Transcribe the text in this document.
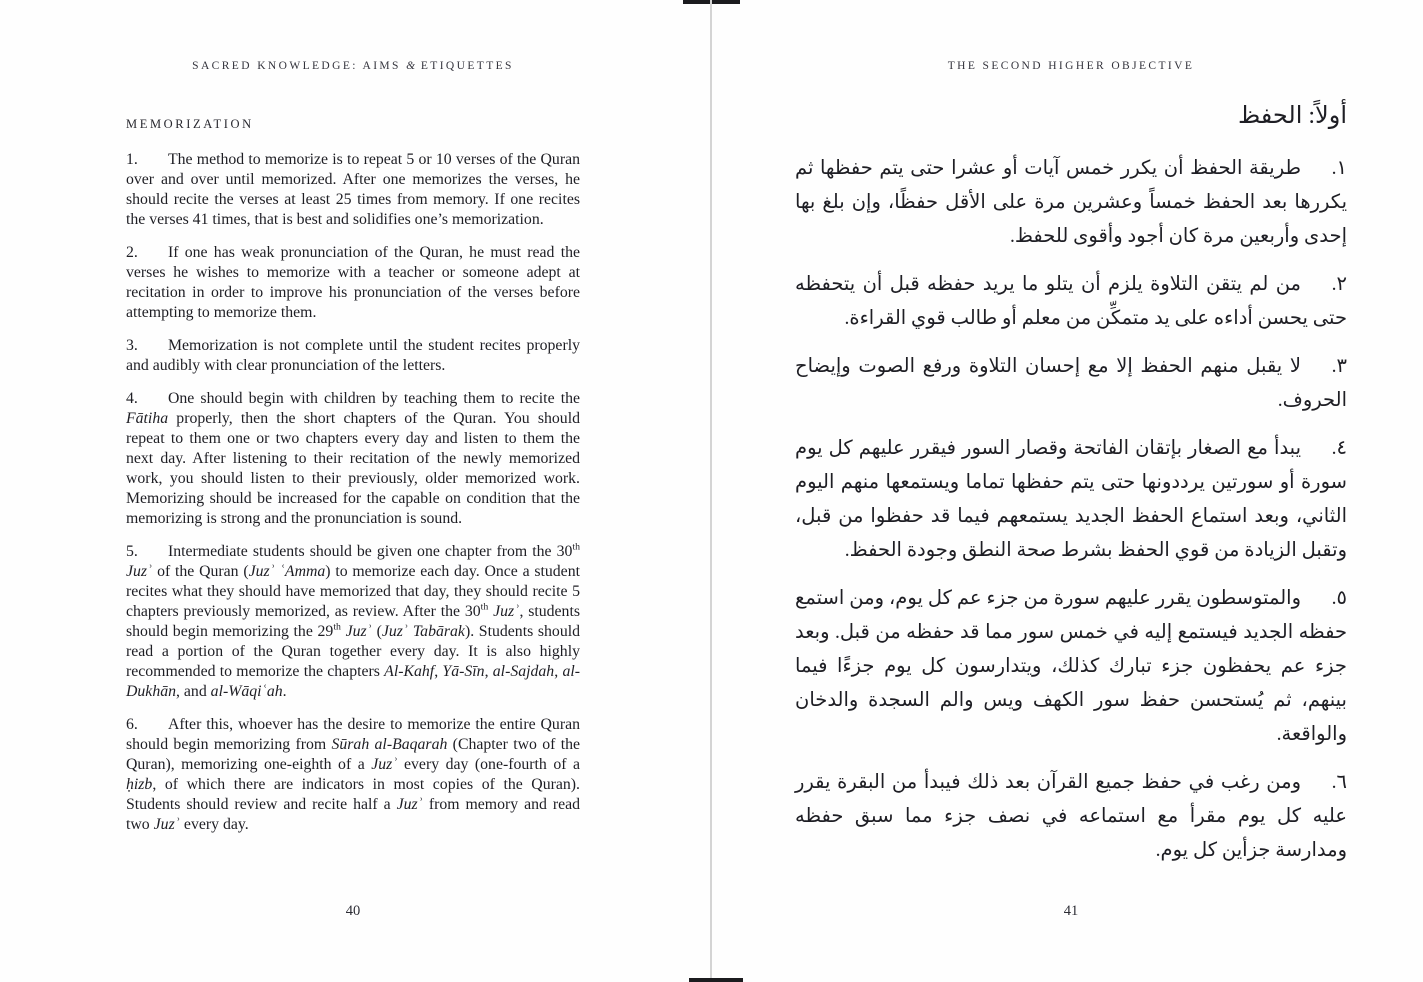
SACRED KNOWLEDGE: AIMS & ETIQUETTES
MEMORIZATION

1. The method to memorize is to repeat 5 or 10 verses of the Quran over and over until memorized. After one memorizes the verses, he should recite the verses at least 25 times from memory. If one recites the verses 41 times, that is best and solidifies one’s memorization.

2. If one has weak pronunciation of the Quran, he must read the verses he wishes to memorize with a teacher or someone adept at recitation in order to improve his pronunciation of the verses before attempting to memorize them.

3. Memorization is not complete until the student recites properly and audibly with clear pronunciation of the letters.

4. One should begin with children by teaching them to recite the Fātiha properly, then the short chapters of the Quran. You should repeat to them one or two chapters every day and listen to them the next day. After listening to their recitation of the newly memorized work, you should listen to their previously, older memorized work. Memorizing should be increased for the capable on condition that the memorizing is strong and the pronunciation is sound.

5. Intermediate students should be given one chapter from the 30th Juzʾ of the Quran (Juzʾ ʿAmma) to memorize each day. Once a student recites what they should have memorized that day, they should recite 5 chapters previously memorized, as review. After the 30th Juzʾ, students should begin memorizing the 29th Juzʾ (Juzʾ Tabārak). Students should read a portion of the Quran together every day. It is also highly recommended to memorize the chapters Al-Kahf, Yā-Sīn, al-Sajdah, al-Dukhān, and al-Wāqiʿah.

6. After this, whoever has the desire to memorize the entire Quran should begin memorizing from Sūrah al-Baqarah (Chapter two of the Quran), memorizing one-eighth of a Juzʾ every day (one-fourth of a ḥizb, of which there are indicators in most copies of the Quran). Students should review and recite half a Juzʾ from memory and read two Juzʾ every day.

40
THE SECOND HIGHER OBJECTIVE
أولاً: الحفظ

١.طريقة الحفظ أن يكرر خمس آيات أو عشرا حتى يتم حفظها ثم يكررها بعد الحفظ خمساً وعشرين مرة على الأقل حفظًا، وإن بلغ بها إحدى وأربعين مرة كان أجود وأقوى للحفظ.

٢.من لم يتقن التلاوة يلزم أن يتلو ما يريد حفظه قبل أن يتحفظه حتى يحسن أداءه على يد متمكِّن من معلم أو طالب قوي القراءة.

٣.لا يقبل منهم الحفظ إلا مع إحسان التلاوة ورفع الصوت وإيضاح الحروف.

٤.يبدأ مع الصغار بإتقان الفاتحة وقصار السور فيقرر عليهم كل يوم سورة أو سورتين يرددونها حتى يتم حفظها تماما ويستمعها منهم اليوم الثاني، وبعد استماع الحفظ الجديد يستمعهم فيما قد حفظوا من قبل، وتقبل الزيادة من قوي الحفظ بشرط صحة النطق وجودة الحفظ.

٥.والمتوسطون يقرر عليهم سورة من جزء عم كل يوم، ومن استمع حفظه الجديد فيستمع إليه في خمس سور مما قد حفظه من قبل. وبعد جزء عم يحفظون جزء تبارك كذلك، ويتدارسون كل يوم جزءًا فيما بينهم، ثم يُستحسن حفظ سور الكهف ويس والم السجدة والدخان والواقعة.

٦.ومن رغب في حفظ جميع القرآن بعد ذلك فيبدأ من البقرة يقرر عليه كل يوم مقرأ مع استماعه في نصف جزء مما سبق حفظه ومدارسة جزأين كل يوم.

41
